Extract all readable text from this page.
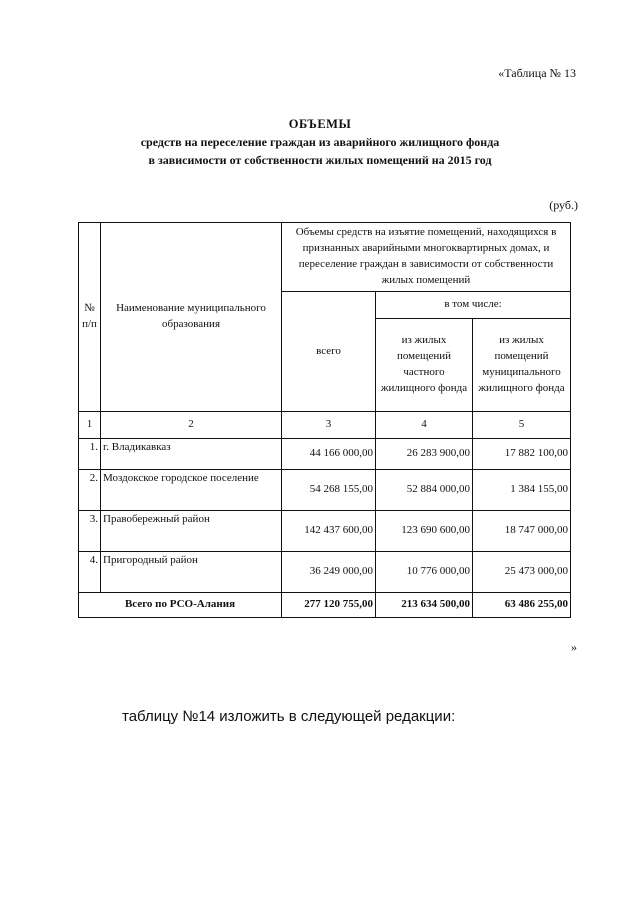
«Таблица № 13
ОБЪЕМЫ
средств на переселение граждан из аварийного жилищного фонда
в зависимости от собственности жилых помещений на 2015 год
(руб.)
№ п/п	Наименование муниципального образования	Объемы средств на изъятие помещений, находящихся в признанных аварийными многоквартирных домах, и переселение граждан в зависимости от собственности жилых помещений		
		всего	в том числе:	
			из жилых помещений частного жилищного фонда	из жилых помещений муниципального жилищного фонда
1	2	3	4	5
1.	г. Владикавказ	44 166 000,00	26 283 900,00	17 882 100,00
2.	Моздокское городское поселение	54 268 155,00	52 884 000,00	1 384 155,00
3.	Правобережный район	142 437 600,00	123 690 600,00	18 747 000,00
4.	Пригородный район	36 249 000,00	10 776 000,00	25 473 000,00
Всего по РСО-Алания		277 120 755,00	213 634 500,00	63 486 255,00
»
таблицу №14 изложить в следующей редакции:
